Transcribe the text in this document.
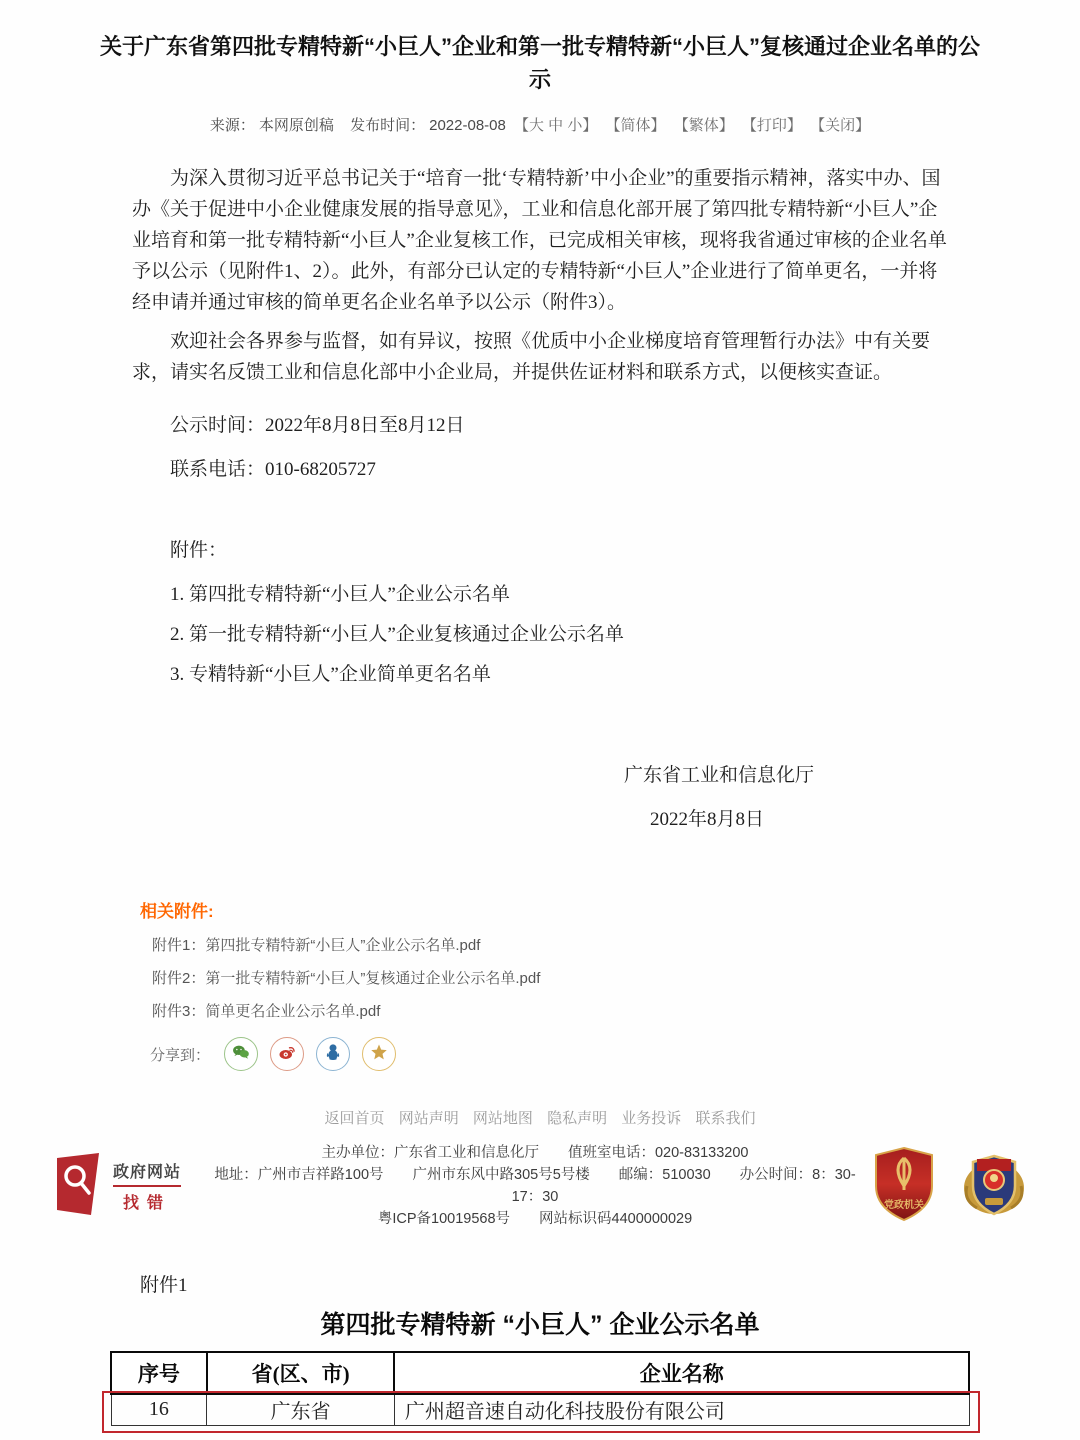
关于广东省第四批专精特新“小巨人”企业和第一批专精特新“小巨人”复核通过企业名单的公示
来源： 本网原创稿 发布时间： 2022-08-08 【大 中 小】 【简体】 【繁体】 【打印】 【关闭】

为深入贯彻习近平总书记关于“培育一批‘专精特新’中小企业”的重要指示精神，落实中办、国办《关于促进中小企业健康发展的指导意见》，工业和信息化部开展了第四批专精特新“小巨人”企业培育和第一批专精特新“小巨人”企业复核工作，已完成相关审核，现将我省通过审核的企业名单予以公示（见附件1、2）。此外，有部分已认定的专精特新“小巨人”企业进行了简单更名，一并将经申请并通过审核的简单更名企业名单予以公示（附件3）。

欢迎社会各界参与监督，如有异议，按照《优质中小企业梯度培育管理暂行办法》中有关要求，请实名反馈工业和信息化部中小企业局，并提供佐证材料和联系方式，以便核实查证。

公示时间：2022年8月8日至8月12日

联系电话：010-68205727

附件：

1. 第四批专精特新“小巨人”企业公示名单
2. 第一批专精特新“小巨人”企业复核通过企业公示名单
3. 专精特新“小巨人”企业简单更名名单
广东省工业和信息化厅
2022年8月8日
相关附件:
附件1：第四批专精特新“小巨人”企业公示名单.pdf
附件2：第一批专精特新“小巨人”复核通过企业公示名单.pdf
附件3：简单更名企业公示名单.pdf
分享到：
返回首页 网站声明 网站地图 隐私声明 业务投诉 联系我们
政府网站
找错
主办单位：广东省工业和信息化厅　　值班室电话：020-83133200
地址：广州市吉祥路100号　　广州市东风中路305号5号楼　　邮编：510030　　办公时间：8：30-17：30
粤ICP备10019568号　　网站标识码4400000029
党政机关
附件1
第四批专精特新 “小巨人” 企业公示名单
序号	省(区、市)	企业名称
16	广东省	广州超音速自动化科技股份有限公司
